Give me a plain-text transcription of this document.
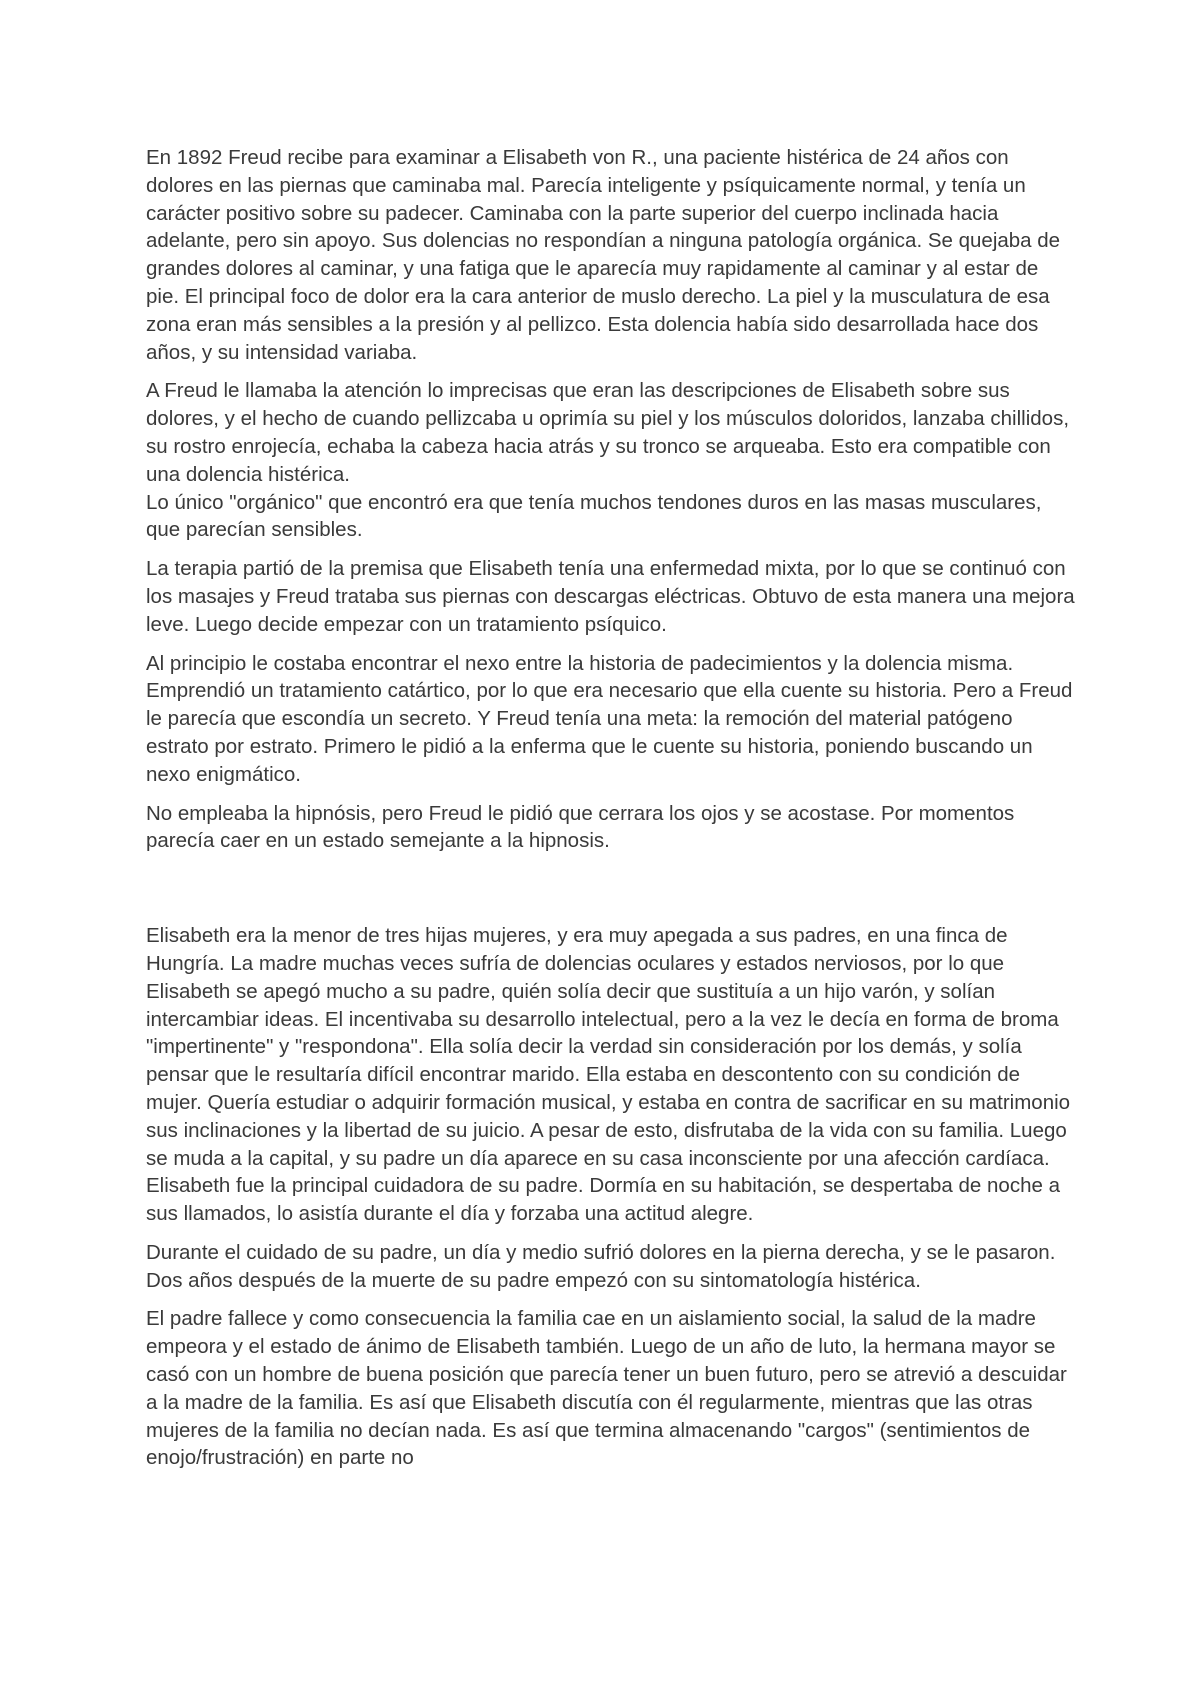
En 1892 Freud recibe para examinar a Elisabeth von R., una paciente histérica de 24 años con dolores en las piernas que caminaba mal. Parecía inteligente y psíquicamente normal, y tenía un carácter positivo sobre su padecer. Caminaba con la parte superior del cuerpo inclinada hacia adelante, pero sin apoyo. Sus dolencias no respondían a ninguna patología orgánica. Se quejaba de grandes dolores al caminar, y una fatiga que le aparecía muy rapidamente al caminar y al estar de pie. El principal foco de dolor era la cara anterior de muslo derecho. La piel y la musculatura de esa zona eran más sensibles a la presión y al pellizco. Esta dolencia había sido desarrollada hace dos años, y su intensidad variaba.

A Freud le llamaba la atención lo imprecisas que eran las descripciones de Elisabeth sobre sus dolores, y el hecho de cuando pellizcaba u oprimía su piel y los músculos doloridos, lanzaba chillidos, su rostro enrojecía, echaba la cabeza hacia atrás y su tronco se arqueaba. Esto era compatible con una dolencia histérica.
Lo único "orgánico" que encontró era que tenía muchos tendones duros en las masas musculares, que parecían sensibles.

La terapia partió de la premisa que Elisabeth tenía una enfermedad mixta, por lo que se continuó con los masajes y Freud trataba sus piernas con descargas eléctricas. Obtuvo de esta manera una mejora leve. Luego decide empezar con un tratamiento psíquico.

Al principio le costaba encontrar el nexo entre la historia de padecimientos y la dolencia misma. Emprendió un tratamiento catártico, por lo que era necesario que ella cuente su historia. Pero a Freud le parecía que escondía un secreto. Y Freud tenía una meta: la remoción del material patógeno estrato por estrato. Primero le pidió a la enferma que le cuente su historia, poniendo buscando un nexo enigmático.

No empleaba la hipnósis, pero Freud le pidió que cerrara los ojos y se acostase. Por momentos parecía caer en un estado semejante a la hipnosis.

Elisabeth era la menor de tres hijas mujeres, y era muy apegada a sus padres, en una finca de Hungría. La madre muchas veces sufría de dolencias oculares y estados nerviosos, por lo que Elisabeth se apegó mucho a su padre, quién solía decir que sustituía a un hijo varón, y solían intercambiar ideas. El incentivaba su desarrollo intelectual, pero a la vez le decía en forma de broma "impertinente" y "respondona". Ella solía decir la verdad sin consideración por los demás, y solía pensar que le resultaría difícil encontrar marido. Ella estaba en descontento con su condición de mujer. Quería estudiar o adquirir formación musical, y estaba en contra de sacrificar en su matrimonio sus inclinaciones y la libertad de su juicio. A pesar de esto, disfrutaba de la vida con su familia. Luego se muda a la capital, y su padre un día aparece en su casa inconsciente por una afección cardíaca. Elisabeth fue la principal cuidadora de su padre. Dormía en su habitación, se despertaba de noche a sus llamados, lo asistía durante el día y forzaba una actitud alegre.

Durante el cuidado de su padre, un día y medio sufrió dolores en la pierna derecha, y se le pasaron. Dos años después de la muerte de su padre empezó con su sintomatología histérica.

El padre fallece y como consecuencia la familia cae en un aislamiento social, la salud de la madre empeora y el estado de ánimo de Elisabeth también. Luego de un año de luto, la hermana mayor se casó con un hombre de buena posición que parecía tener un buen futuro, pero se atrevió a descuidar a la madre de la familia. Es así que Elisabeth discutía con él regularmente, mientras que las otras mujeres de la familia no decían nada. Es así que termina almacenando "cargos" (sentimientos de enojo/frustración) en parte no
